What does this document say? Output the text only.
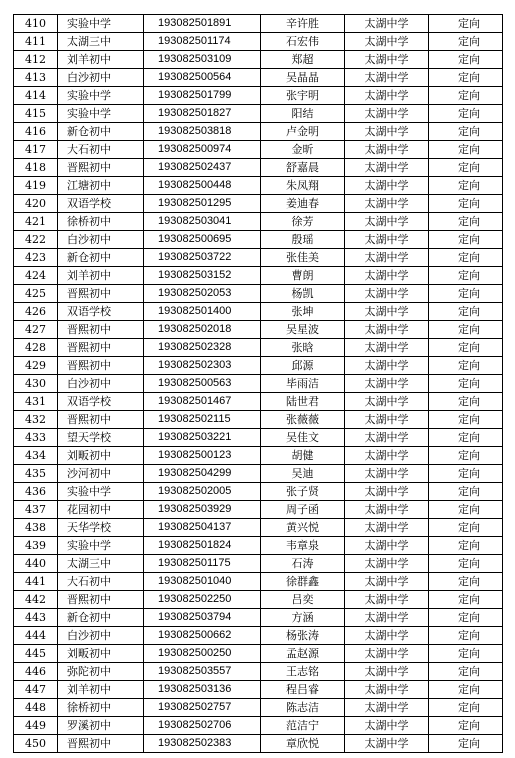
410	实验中学	193082501891	辛许胜	太湖中学	定向
411	太湖三中	193082501174	石宏伟	太湖中学	定向
412	刘羊初中	193082503109	郑超	太湖中学	定向
413	白沙初中	193082500564	吴晶晶	太湖中学	定向
414	实验中学	193082501799	张宇明	太湖中学	定向
415	实验中学	193082501827	阳结	太湖中学	定向
416	新仓初中	193082503818	卢金明	太湖中学	定向
417	大石初中	193082500974	金昕	太湖中学	定向
418	晋熙初中	193082502437	舒嘉晨	太湖中学	定向
419	江塘初中	193082500448	朱凤翔	太湖中学	定向
420	双语学校	193082501295	姜迪春	太湖中学	定向
421	徐桥初中	193082503041	徐芳	太湖中学	定向
422	白沙初中	193082500695	殷瑶	太湖中学	定向
423	新仓初中	193082503722	张佳美	太湖中学	定向
424	刘羊初中	193082503152	曹朗	太湖中学	定向
425	晋熙初中	193082502053	杨凯	太湖中学	定向
426	双语学校	193082501400	张坤	太湖中学	定向
427	晋熙初中	193082502018	吴星波	太湖中学	定向
428	晋熙初中	193082502328	张晗	太湖中学	定向
429	晋熙初中	193082502303	邱源	太湖中学	定向
430	白沙初中	193082500563	毕雨洁	太湖中学	定向
431	双语学校	193082501467	陆世君	太湖中学	定向
432	晋熙初中	193082502115	张薇薇	太湖中学	定向
433	望天学校	193082503221	吴佳文	太湖中学	定向
434	刘畈初中	193082500123	胡健	太湖中学	定向
435	沙河初中	193082504299	吴迪	太湖中学	定向
436	实验中学	193082502005	张子贤	太湖中学	定向
437	花园初中	193082503929	周子函	太湖中学	定向
438	天华学校	193082504137	黄兴悦	太湖中学	定向
439	实验中学	193082501824	韦章泉	太湖中学	定向
440	太湖三中	193082501175	石涛	太湖中学	定向
441	大石初中	193082501040	徐群鑫	太湖中学	定向
442	晋熙初中	193082502250	吕奕	太湖中学	定向
443	新仓初中	193082503794	方涵	太湖中学	定向
444	白沙初中	193082500662	杨张涛	太湖中学	定向
445	刘畈初中	193082500250	孟赵源	太湖中学	定向
446	弥陀初中	193082503557	王志铭	太湖中学	定向
447	刘羊初中	193082503136	程吕睿	太湖中学	定向
448	徐桥初中	193082502757	陈志洁	太湖中学	定向
449	罗溪初中	193082502706	范洁宁	太湖中学	定向
450	晋熙初中	193082502383	章欣悦	太湖中学	定向
